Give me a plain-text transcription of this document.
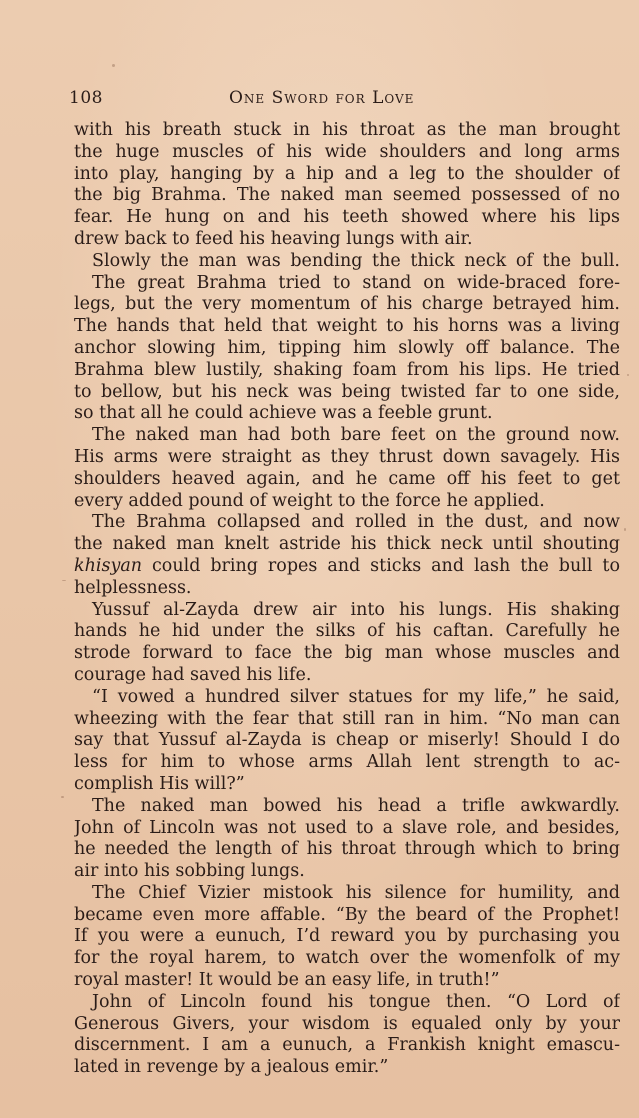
108	One Sword for Love
with his breath stuck in his throat as the man brought
the huge muscles of his wide shoulders and long arms
into play, hanging by a hip and a leg to the shoulder of
the big Brahma. The naked man seemed possessed of no
fear. He hung on and his teeth showed where his lips
drew back to feed his heaving lungs with air.
Slowly the man was bending the thick neck of the bull.
The great Brahma tried to stand on wide-braced fore-
legs, but the very momentum of his charge betrayed him.
The hands that held that weight to his horns was a living
anchor slowing him, tipping him slowly off balance. The
Brahma blew lustily, shaking foam from his lips. He tried
to bellow, but his neck was being twisted far to one side,
so that all he could achieve was a feeble grunt.
The naked man had both bare feet on the ground now.
His arms were straight as they thrust down savagely. His
shoulders heaved again, and he came off his feet to get
every added pound of weight to the force he applied.
The Brahma collapsed and rolled in the dust, and now
the naked man knelt astride his thick neck until shouting
khisyan could bring ropes and sticks and lash the bull to
helplessness.
Yussuf al-Zayda drew air into his lungs. His shaking
hands he hid under the silks of his caftan. Carefully he
strode forward to face the big man whose muscles and
courage had saved his life.
“I vowed a hundred silver statues for my life,” he said,
wheezing with the fear that still ran in him. “No man can
say that Yussuf al-Zayda is cheap or miserly! Should I do
less for him to whose arms Allah lent strength to ac-
complish His will?”
The naked man bowed his head a trifle awkwardly.
John of Lincoln was not used to a slave role, and besides,
he needed the length of his throat through which to bring
air into his sobbing lungs.
The Chief Vizier mistook his silence for humility, and
became even more affable. “By the beard of the Prophet!
If you were a eunuch, I’d reward you by purchasing you
for the royal harem, to watch over the womenfolk of my
royal master! It would be an easy life, in truth!”
John of Lincoln found his tongue then. “O Lord of
Generous Givers, your wisdom is equaled only by your
discernment. I am a eunuch, a Frankish knight emascu-
lated in revenge by a jealous emir.”
